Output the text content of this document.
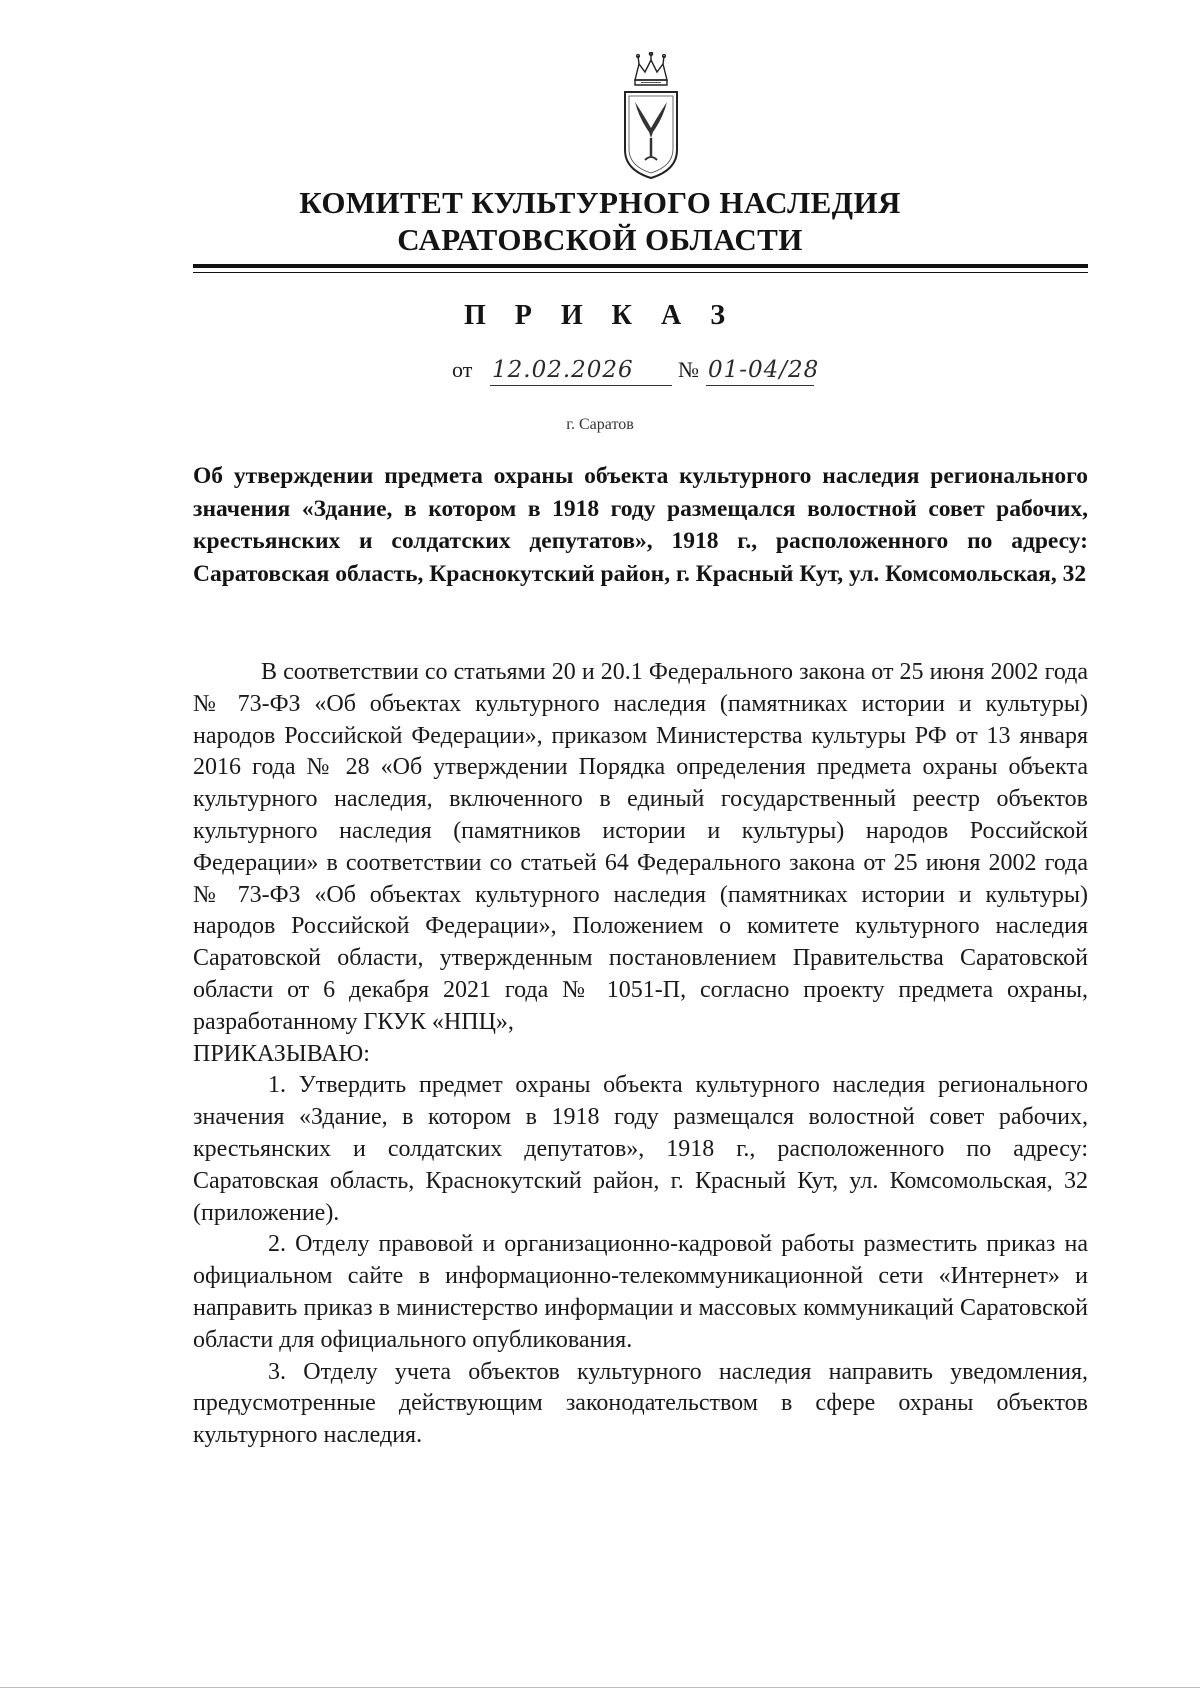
КОМИТЕТ КУЛЬТУРНОГО НАСЛЕДИЯ
САРАТОВСКОЙ ОБЛАСТИ
П Р И К А З
от 12.02.2026 № 01-04/28
г. Саратов
Об утверждении предмета охраны объекта культурного наследия регионального значения «Здание, в котором в 1918 году размещался волостной совет рабочих, крестьянских и солдатских депутатов», 1918 г., расположенного по адресу: Саратовская область, Краснокутский район, г. Красный Кут, ул. Комсомольская, 32

В соответствии со статьями 20 и 20.1 Федерального закона от 25 июня 2002 года № 73-ФЗ «Об объектах культурного наследия (памятниках истории и культуры) народов Российской Федерации», приказом Министерства культуры РФ от 13 января 2016 года № 28 «Об утверждении Порядка определения предмета охраны объекта культурного наследия, включенного в единый государственный реестр объектов культурного наследия (памятников истории и культуры) народов Российской Федерации» в соответствии со статьей 64 Федерального закона от 25 июня 2002 года № 73-ФЗ «Об объектах культурного наследия (памятниках истории и культуры) народов Российской Федерации», Положением о комитете культурного наследия Саратовской области, утвержденным постановлением Правительства Саратовской области от 6 декабря 2021 года № 1051-П, согласно проекту предмета охраны, разработанному ГКУК «НПЦ»,

ПРИКАЗЫВАЮ:

1. Утвердить предмет охраны объекта культурного наследия регионального значения «Здание, в котором в 1918 году размещался волостной совет рабочих, крестьянских и солдатских депутатов», 1918 г., расположенного по адресу: Саратовская область, Краснокутский район, г. Красный Кут, ул. Комсомольская, 32 (приложение).

2. Отделу правовой и организационно-кадровой работы разместить приказ на официальном сайте в информационно-телекоммуникационной сети «Интернет» и направить приказ в министерство информации и массовых коммуникаций Саратовской области для официального опубликования.

3. Отделу учета объектов культурного наследия направить уведомления, предусмотренные действующим законодательством в сфере охраны объектов культурного наследия.
